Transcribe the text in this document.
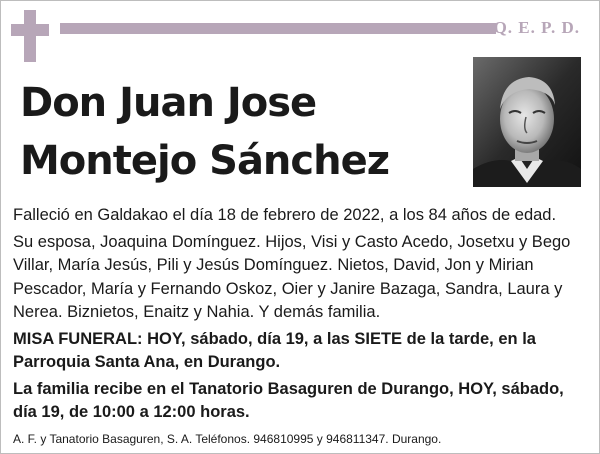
Q. E. P. D.
Don Juan Jose
Montejo Sánchez

Falleció en Galdakao el día 18 de febrero de 2022, a los 84 años de edad.

Su esposa, Joaquina Domínguez. Hijos, Visi y Casto Acedo, Josetxu y Bego Villar, María Jesús, Pili y Jesús Domínguez. Nietos, David, Jon y Mirian Pescador, María y Fernando Oskoz, Oier y Janire Bazaga, Sandra, Laura y Nerea. Biznietos, Enaitz y Nahia. Y demás familia.

MISA FUNERAL: HOY, sábado, día 19, a las SIETE de la tarde, en la Parroquia Santa Ana, en Durango.

La familia recibe en el Tanatorio Basaguren de Durango, HOY, sábado, día 19, de 10:00 a 12:00 horas.

A. F. y Tanatorio Basaguren, S. A. Teléfonos. 946810995 y 946811347. Durango.
